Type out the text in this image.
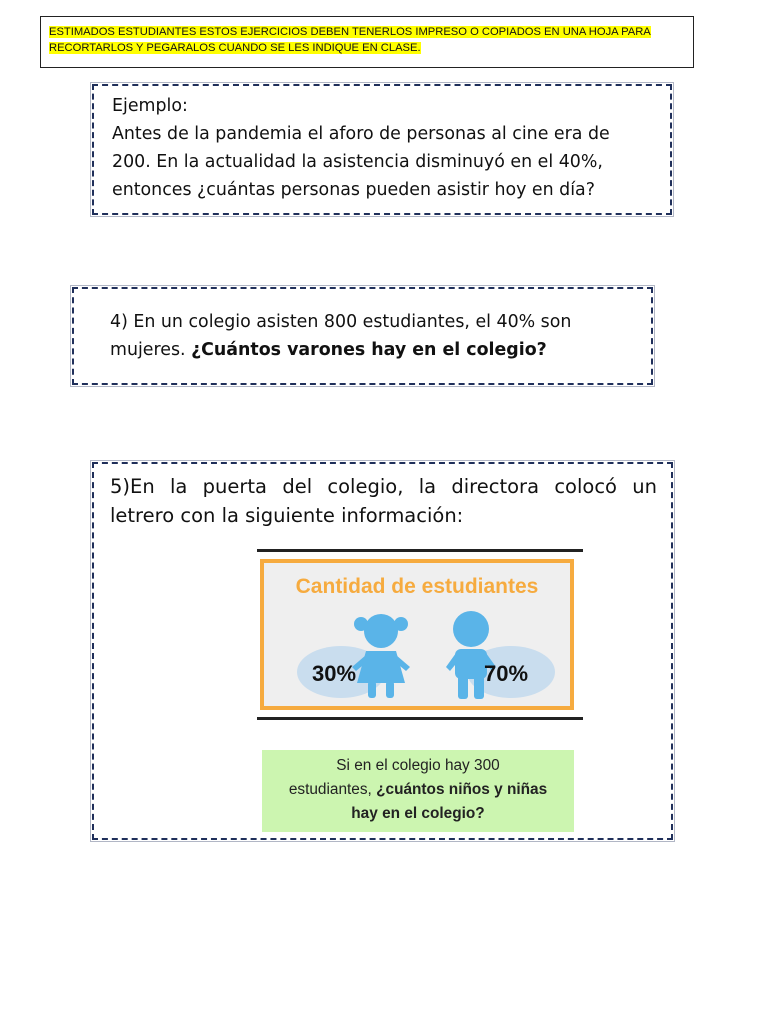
ESTIMADOS ESTUDIANTES ESTOS EJERCICIOS DEBEN TENERLOS IMPRESO O COPIADOS EN UNA HOJA PARA
RECORTARLOS Y PEGARALOS CUANDO SE LES INDIQUE EN CLASE.
Ejemplo:
Antes de la pandemia el aforo de personas al cine era de
200. En la actualidad la asistencia disminuyó en el 40%,
entonces ¿cuántas personas pueden asistir hoy en día?
4) En un colegio asisten 800 estudiantes, el 40% son
mujeres. ¿Cuántos varones hay en el colegio?
5)En la puerta del colegio, la directora colocó un
letrero con la siguiente información:
Cantidad de estudiantes
30%	70%
Si en el colegio hay 300
estudiantes, ¿cuántos niños y niñas
hay en el colegio?
